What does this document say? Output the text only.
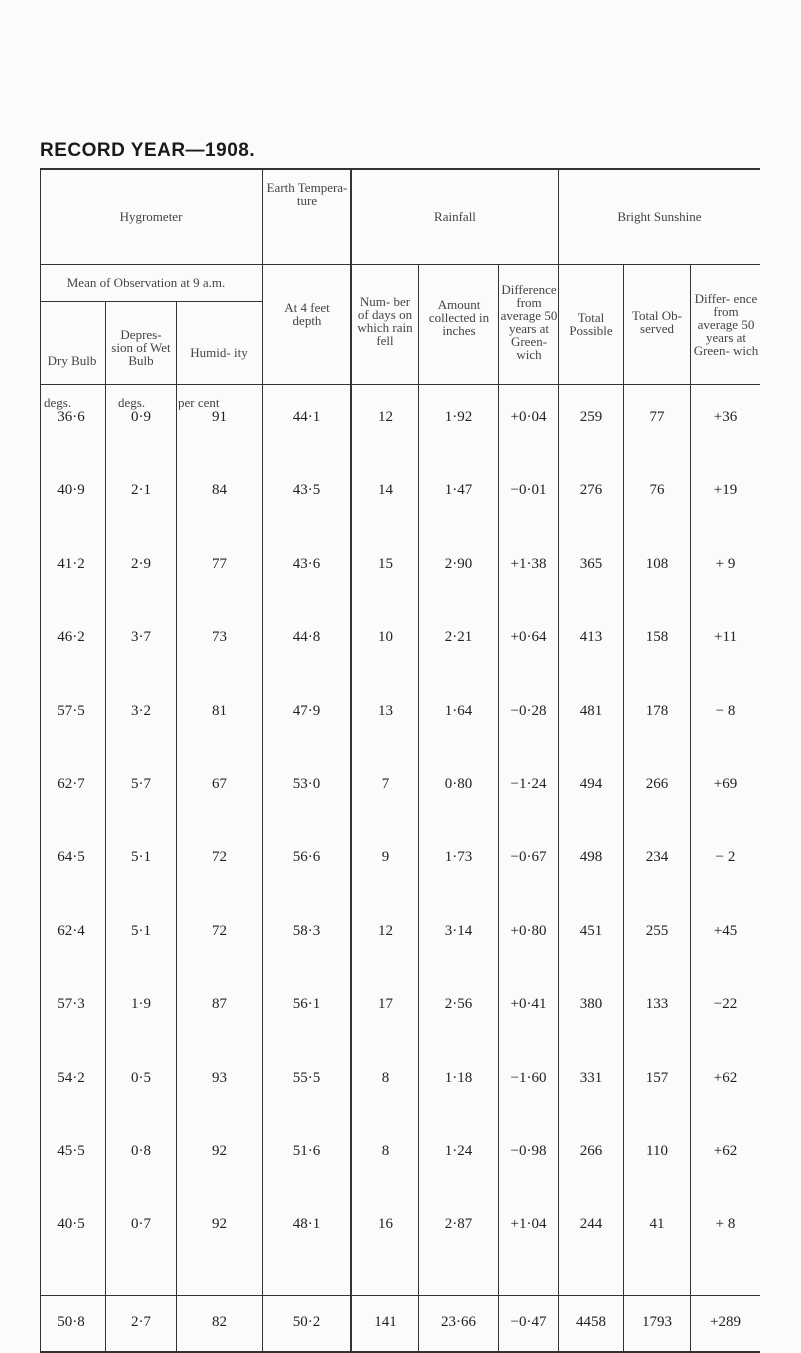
RECORD YEAR—1908.
Hygrometer
Earth Tempera- ture
Rainfall	Bright Sunshine
Mean of Observation at 9 a.m.
Dry Bulb
Depres- sion of Wet Bulb
Humid- ity
At 4 feet depth
Num- ber of days on which rain fell
Amount collected in inches
Difference from average 50 years at Green- wich
Total Possible
Total Ob- served
Differ- ence from average 50 years at Green- wich
degs.	degs.	per cent
36·6	0·9	91	44·1	12	1·92	+0·04	259	77	+36
40·9	2·1	84	43·5	14	1·47	−0·01	276	76	+19
41·2	2·9	77	43·6	15	2·90	+1·38	365	108	+ 9
46·2	3·7	73	44·8	10	2·21	+0·64	413	158	+11
57·5	3·2	81	47·9	13	1·64	−0·28	481	178	− 8
62·7	5·7	67	53·0	7	0·80	−1·24	494	266	+69
64·5	5·1	72	56·6	9	1·73	−0·67	498	234	− 2
62·4	5·1	72	58·3	12	3·14	+0·80	451	255	+45
57·3	1·9	87	56·1	17	2·56	+0·41	380	133	−22
54·2	0·5	93	55·5	8	1·18	−1·60	331	157	+62
45·5	0·8	92	51·6	8	1·24	−0·98	266	110	+62
40·5	0·7	92	48·1	16	2·87	+1·04	244	41	+ 8
50·8	2·7	82	50·2	141	23·66	−0·47	4458	1793	+289
